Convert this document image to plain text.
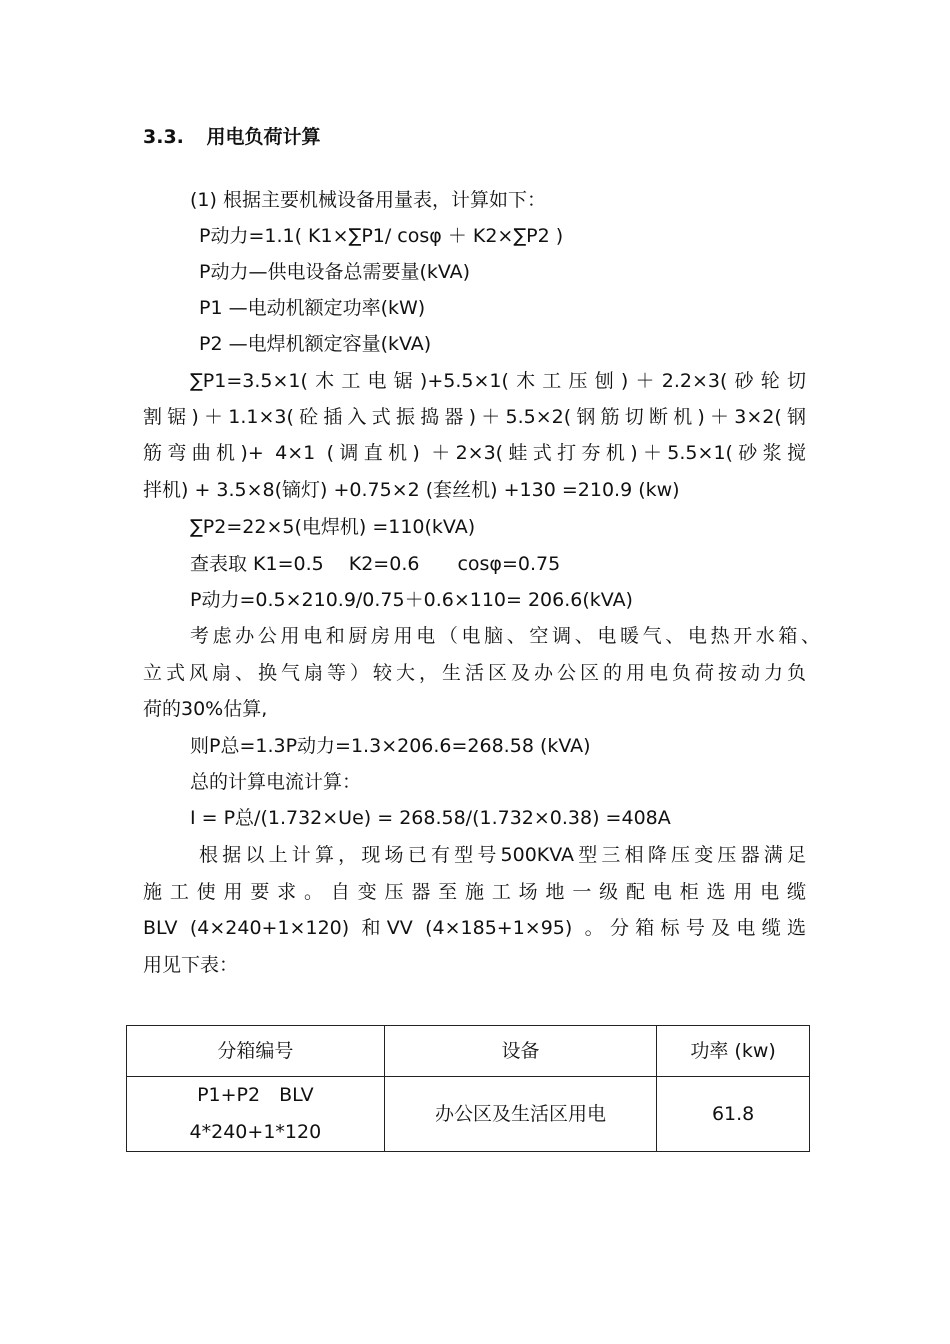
3.3. 用电负荷计算
(1) 根据主要机械设备用量表，计算如下：
P动力=1.1( K1×∑P1/ cosφ ＋ K2×∑P2 )
P动力—供电设备总需要量(kVA)
P1 —电动机额定功率(kW)
P2 —电焊机额定容量(kVA)
∑P1=3.5×1(木工电锯)+5.5×1(木工压刨)＋2.2×3(砂轮切
割锯)＋1.1×3(砼插入式振捣器)＋5.5×2(钢筋切断机)＋3×2(钢
筋弯曲机)+ 4×1 (调直机) ＋2×3(蛙式打夯机)＋5.5×1(砂浆搅
拌机) + 3.5×8(镝灯) +0.75×2 (套丝机) +130 =210.9 (kw)
∑P2=22×5(电焊机) =110(kVA)
查表取 K1=0.5　 K2=0.6　　cosφ=0.75
P动力=0.5×210.9/0.75＋0.6×110= 206.6(kVA)
考虑办公用电和厨房用电（电脑、空调、电暖气、电热开水箱、
立式风扇、换气扇等）较大，生活区及办公区的用电负荷按动力负
荷的30%估算,
则P总=1.3P动力=1.3×206.6=268.58 (kVA)
总的计算电流计算：
I = P总/(1.732×Ue) = 268.58/(1.732×0.38) =408A
根据以上计算，现场已有型号500KVA型三相降压变压器满足
施工使用要求。自变压器至施工场地一级配电柜选用电缆
BLV (4×240+1×120) 和VV (4×185+1×95) 。分箱标号及电缆选
用见下表：
分箱编号	设备	功率 (kw)

P1+P2　BLV
4*240+1*120	办公区及生活区用电	61.8
